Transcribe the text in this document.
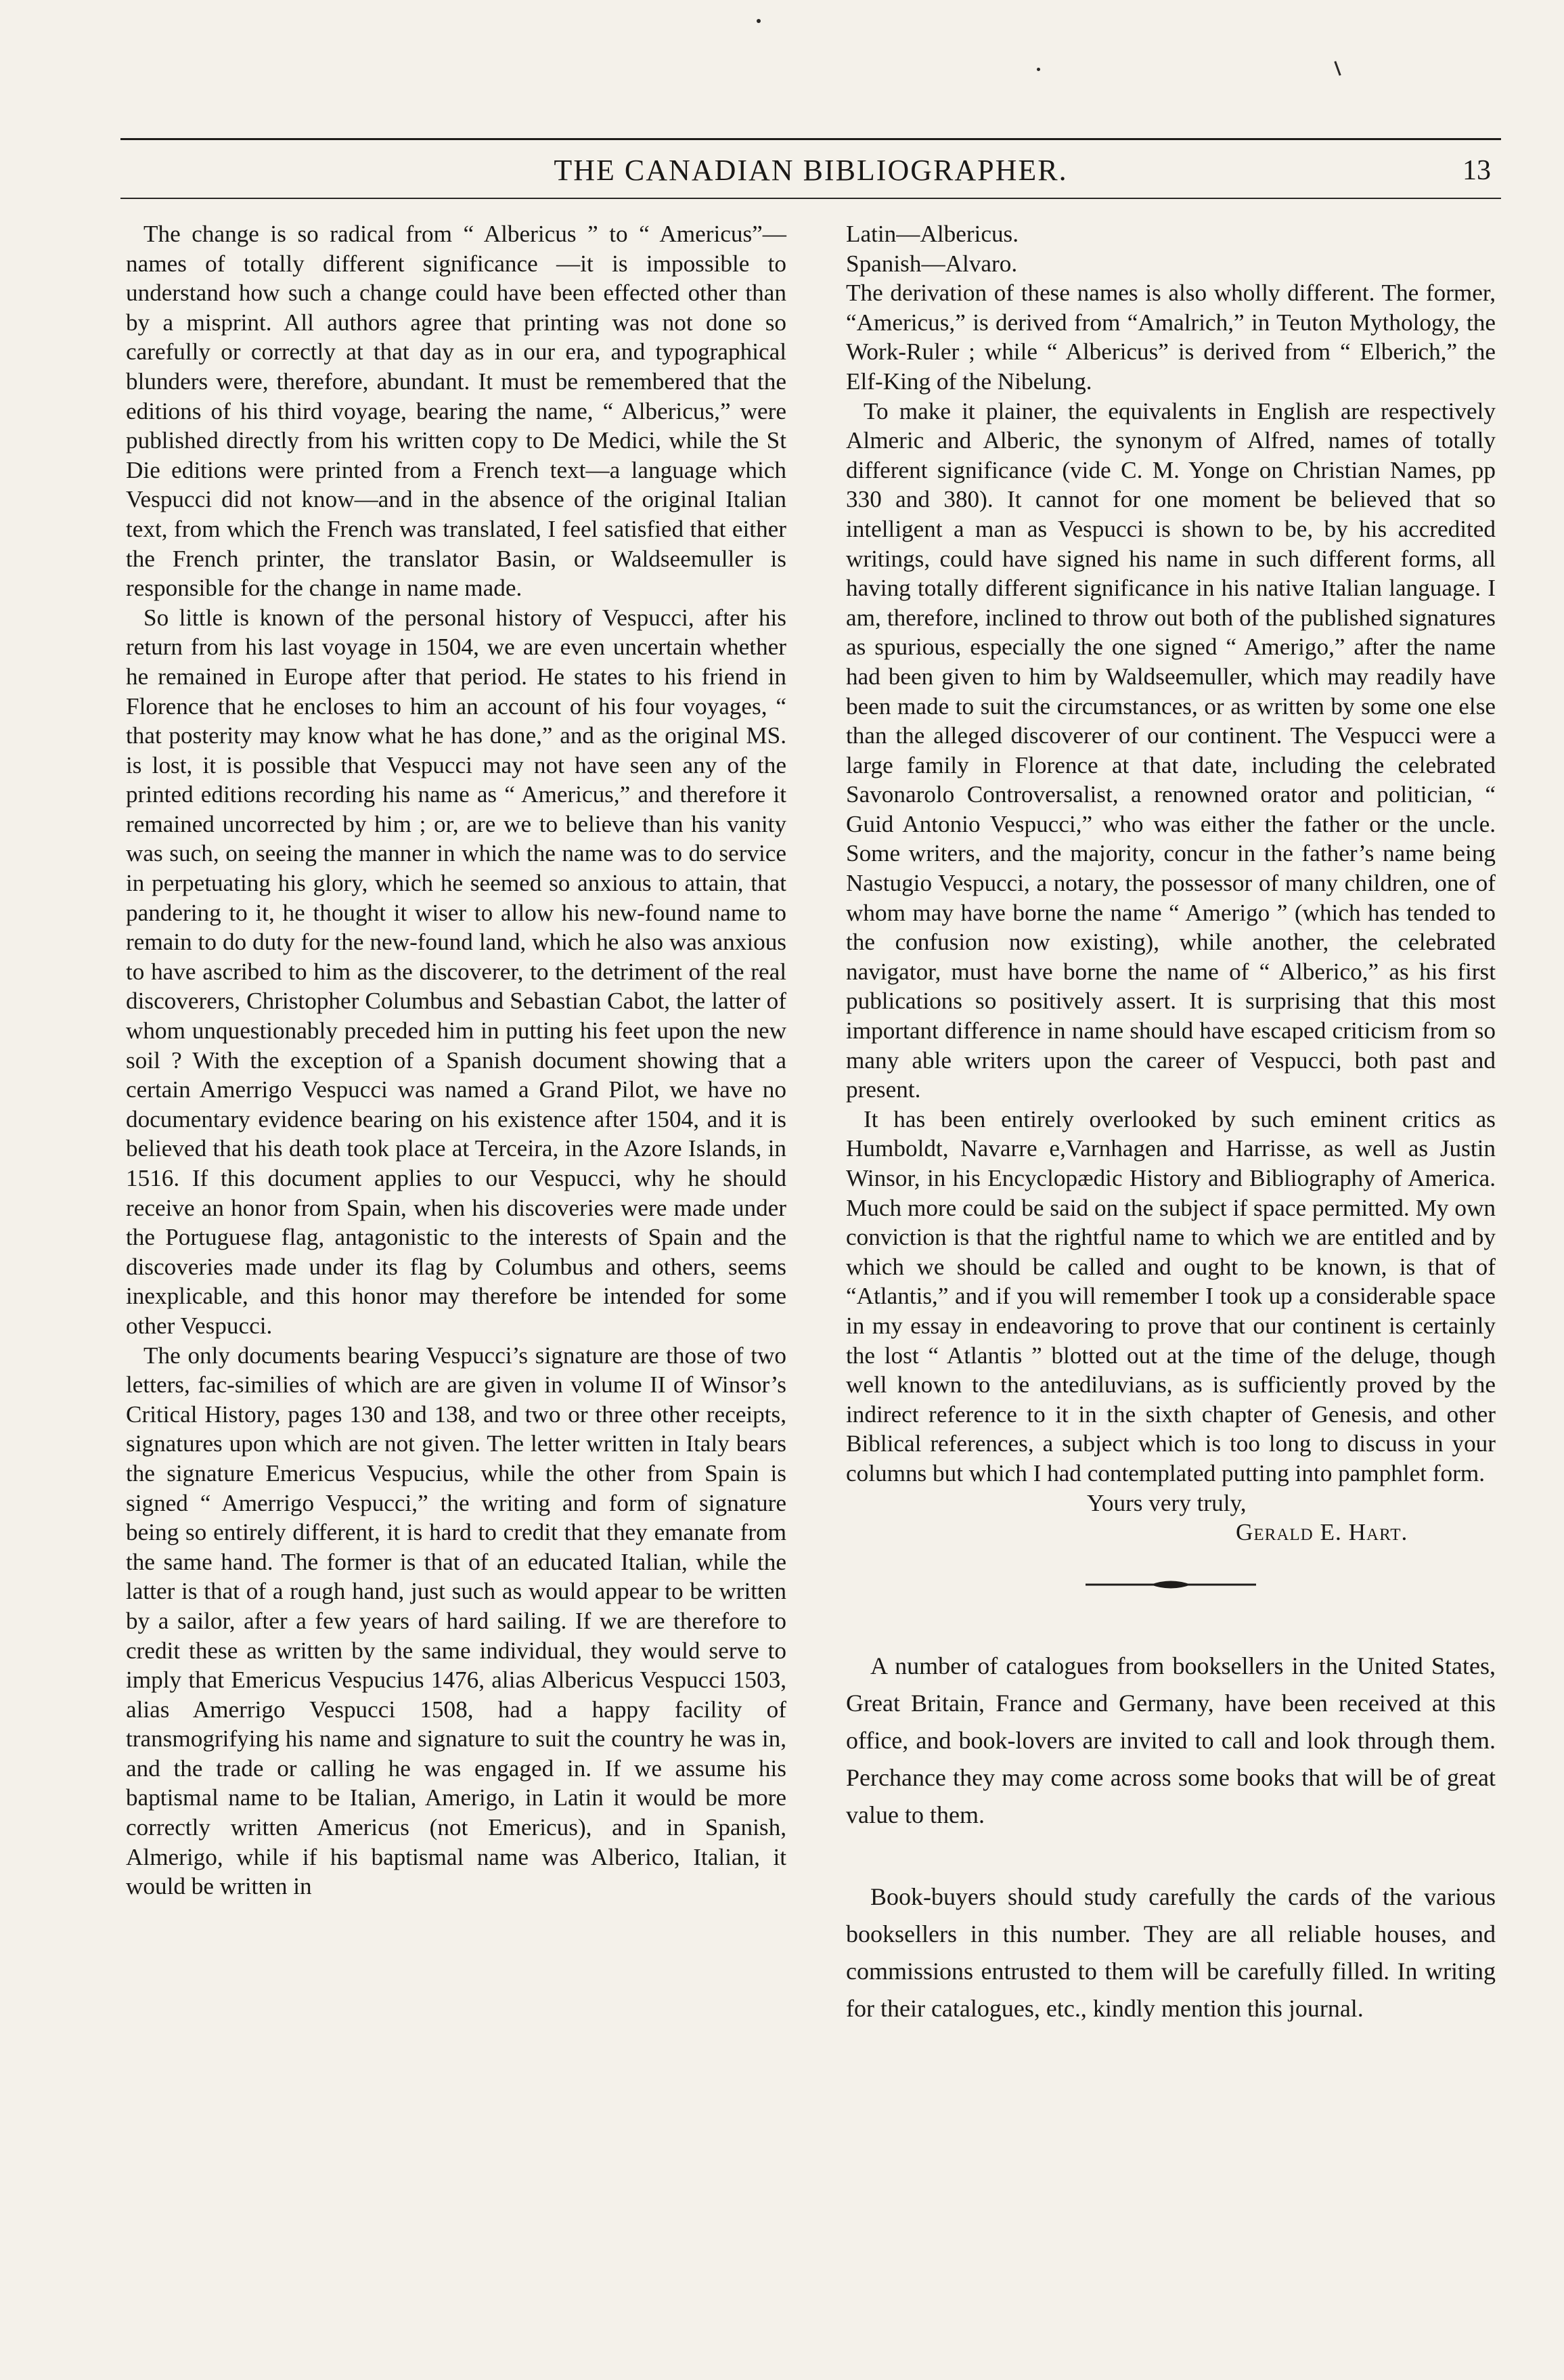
THE CANADIAN BIBLIOGRAPHER.	13

The change is so radical from “ Albericus ” to “ Americus”—names of totally different significance —it is impossible to understand how such a change could have been effected other than by a misprint. All authors agree that printing was not done so carefully or correctly at that day as in our era, and typographical blunders were, therefore, abundant. It must be remembered that the editions of his third voyage, bearing the name, “ Albericus,” were published directly from his written copy to De Medici, while the St Die editions were printed from a French text—a language which Vespucci did not know—and in the absence of the original Italian text, from which the French was translated, I feel satisfied that either the French printer, the translator Basin, or Waldseemuller is responsible for the change in name made.

So little is known of the personal history of Vespucci, after his return from his last voyage in 1504, we are even uncertain whether he remained in Europe after that period. He states to his friend in Florence that he encloses to him an account of his four voyages, “ that posterity may know what he has done,” and as the original MS. is lost, it is possible that Vespucci may not have seen any of the printed editions recording his name as “ Americus,” and therefore it remained uncorrected by him ; or, are we to believe than his vanity was such, on seeing the manner in which the name was to do service in perpetuating his glory, which he seemed so anxious to attain, that pandering to it, he thought it wiser to allow his new-found name to remain to do duty for the new-found land, which he also was anxious to have ascribed to him as the discoverer, to the detriment of the real discoverers, Christopher Columbus and Sebastian Cabot, the latter of whom unquestionably preceded him in putting his feet upon the new soil ? With the exception of a Spanish document showing that a certain Amerrigo Vespucci was named a Grand Pilot, we have no documentary evidence bearing on his existence after 1504, and it is believed that his death took place at Terceira, in the Azore Islands, in 1516. If this document applies to our Vespucci, why he should receive an honor from Spain, when his discoveries were made under the Portuguese flag, antagonistic to the interests of Spain and the discoveries made under its flag by Columbus and others, seems inexplicable, and this honor may therefore be intended for some other Vespucci.

The only documents bearing Vespucci’s signature are those of two letters, fac-similies of which are are given in volume II of Winsor’s Critical History, pages 130 and 138, and two or three other receipts, signatures upon which are not given. The letter written in Italy bears the signature Emericus Vespucius, while the other from Spain is signed “ Amerrigo Vespucci,” the writing and form of signature being so entirely different, it is hard to credit that they emanate from the same hand. The former is that of an educated Italian, while the latter is that of a rough hand, just such as would appear to be written by a sailor, after a few years of hard sailing. If we are therefore to credit these as written by the same individual, they would serve to imply that Emericus Vespucius 1476, alias Albericus Vespucci 1503, alias Amerrigo Vespucci 1508, had a happy facility of transmogrifying his name and signature to suit the country he was in, and the trade or calling he was engaged in. If we assume his baptismal name to be Italian, Amerigo, in Latin it would be more correctly written Americus (not Emericus), and in Spanish, Almerigo, while if his baptismal name was Alberico, Italian, it would be written in

Latin—Albericus.

Spanish—Alvaro.

The derivation of these names is also wholly different. The former, “Americus,” is derived from “Amalrich,” in Teuton Mythology, the Work-Ruler ; while “ Albericus” is derived from “ Elberich,” the Elf-King of the Nibelung.

To make it plainer, the equivalents in English are respectively Almeric and Alberic, the synonym of Alfred, names of totally different significance (vide C. M. Yonge on Christian Names, pp 330 and 380). It cannot for one moment be believed that so intelligent a man as Vespucci is shown to be, by his accredited writings, could have signed his name in such different forms, all having totally different significance in his native Italian language. I am, therefore, inclined to throw out both of the published signatures as spurious, especially the one signed “ Amerigo,” after the name had been given to him by Waldseemuller, which may readily have been made to suit the circumstances, or as written by some one else than the alleged discoverer of our continent. The Vespucci were a large family in Florence at that date, including the celebrated Savonarolo Controversalist, a renowned orator and politician, “ Guid Antonio Vespucci,” who was either the father or the uncle. Some writers, and the majority, concur in the father’s name being Nastugio Vespucci, a notary, the possessor of many children, one of whom may have borne the name “ Amerigo ” (which has tended to the confusion now existing), while another, the celebrated navigator, must have borne the name of “ Alberico,” as his first publications so positively assert. It is surprising that this most important difference in name should have escaped criticism from so many able writers upon the career of Vespucci, both past and present.

It has been entirely overlooked by such eminent critics as Humboldt, Navarre e,Varnhagen and Harrisse, as well as Justin Winsor, in his Encyclopædic History and Bibliography of America. Much more could be said on the subject if space permitted. My own conviction is that the rightful name to which we are entitled and by which we should be called and ought to be known, is that of “Atlantis,” and if you will remember I took up a considerable space in my essay in endeavoring to prove that our continent is certainly the lost “ Atlantis ” blotted out at the time of the deluge, though well known to the antediluvians, as is sufficiently proved by the indirect reference to it in the sixth chapter of Genesis, and other Biblical references, a subject which is too long to discuss in your columns but which I had contemplated putting into pamphlet form.

Yours very truly,

Gerald E. Hart.

A number of catalogues from booksellers in the United States, Great Britain, France and Germany, have been received at this office, and book-lovers are invited to call and look through them. Perchance they may come across some books that will be of great value to them.

Book-buyers should study carefully the cards of the various booksellers in this number. They are all reliable houses, and commissions entrusted to them will be carefully filled. In writing for their catalogues, etc., kindly mention this journal.
